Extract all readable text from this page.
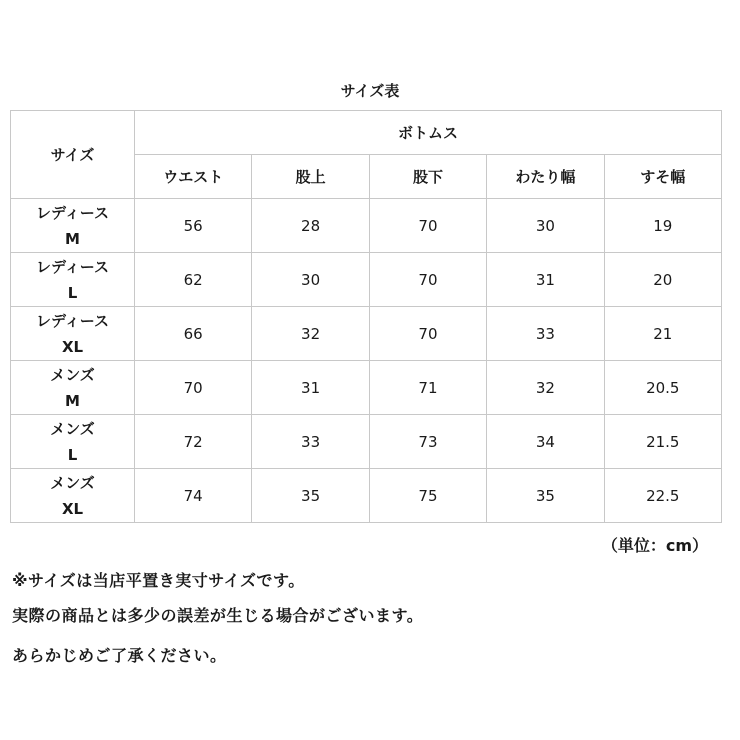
サイズ表
サイズ	ボトムス				
	ウエスト	股上	股下	わたり幅	すそ幅
レディース
M	56	28	70	30	19
レディース
L	62	30	70	31	20
レディース
XL	66	32	70	33	21
メンズ
M	70	31	71	32	20.5
メンズ
L	72	33	73	34	21.5
メンズ
XL	74	35	75	35	22.5
（単位：cm）
※サイズは当店平置き実寸サイズです。
実際の商品とは多少の誤差が生じる場合がございます。
あらかじめご了承ください。
